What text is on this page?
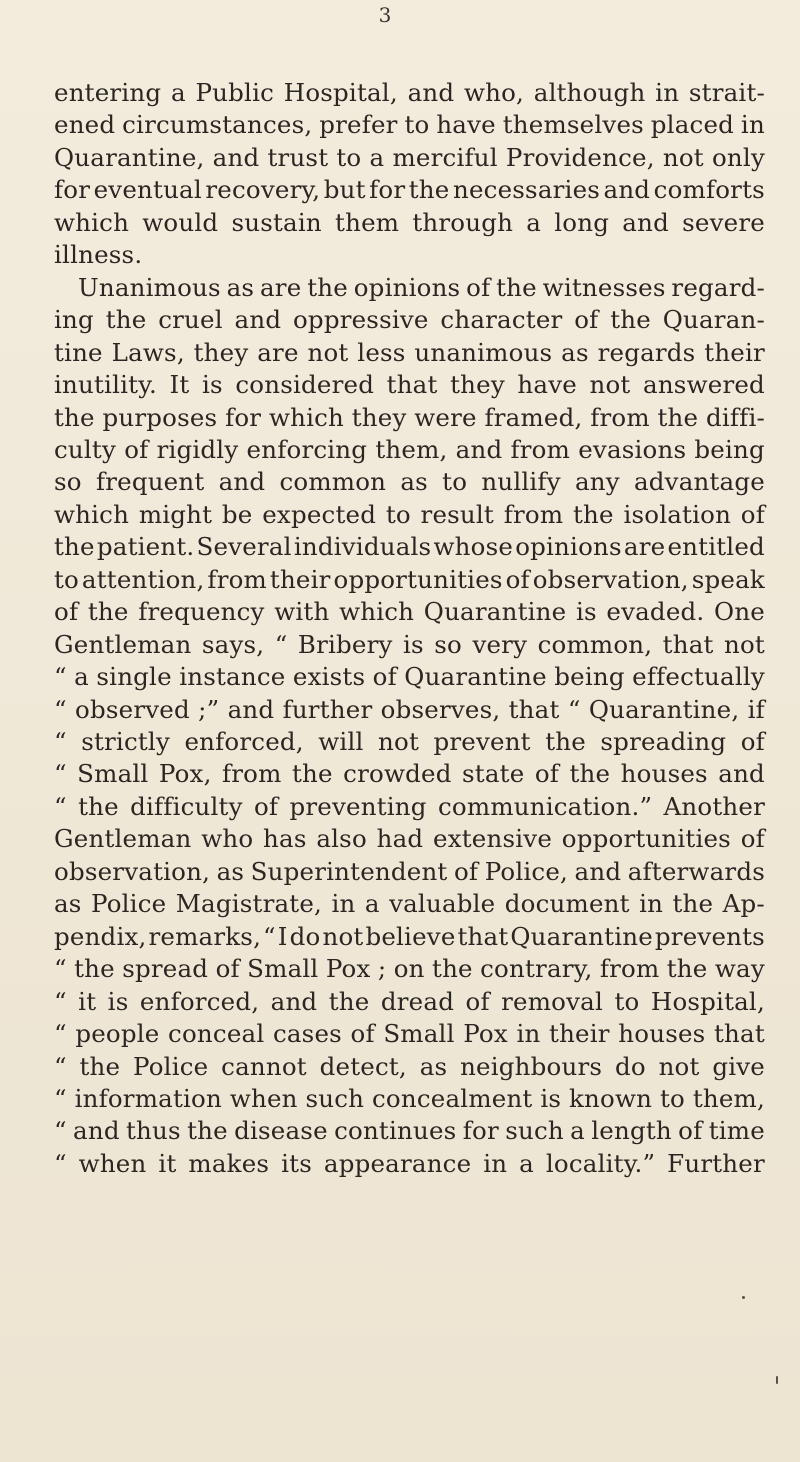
3
entering a Public Hospital, and who, although in strait-
ened circumstances, prefer to have themselves placed in
Quarantine, and trust to a merciful Providence, not only
for eventual recovery, but for the necessaries and comforts
which would sustain them through a long and severe
illness.
Unanimous as are the opinions of the witnesses regard-
ing the cruel and oppressive character of the Quaran-
tine Laws, they are not less unanimous as regards their
inutility. It is considered that they have not answered
the purposes for which they were framed, from the diffi-
culty of rigidly enforcing them, and from evasions being
so frequent and common as to nullify any advantage
which might be expected to result from the isolation of
the patient. Several individuals whose opinions are entitled
to attention, from their opportunities of observation, speak
of the frequency with which Quarantine is evaded. One
Gentleman says, “ Bribery is so very common, that not
“ a single instance exists of Quarantine being effectually
“ observed ;” and further observes, that “ Quarantine, if
“ strictly enforced, will not prevent the spreading of
“ Small Pox, from the crowded state of the houses and
“ the difficulty of preventing communication.” Another
Gentleman who has also had extensive opportunities of
observation, as Superintendent of Police, and afterwards
as Police Magistrate, in a valuable document in the Ap-
pendix, remarks, “ I do not believe that Quarantine prevents
“ the spread of Small Pox ; on the contrary, from the way
“ it is enforced, and the dread of removal to Hospital,
“ people conceal cases of Small Pox in their houses that
“ the Police cannot detect, as neighbours do not give
“ information when such concealment is known to them,
“ and thus the disease continues for such a length of time
“ when it makes its appearance in a locality.” Further
